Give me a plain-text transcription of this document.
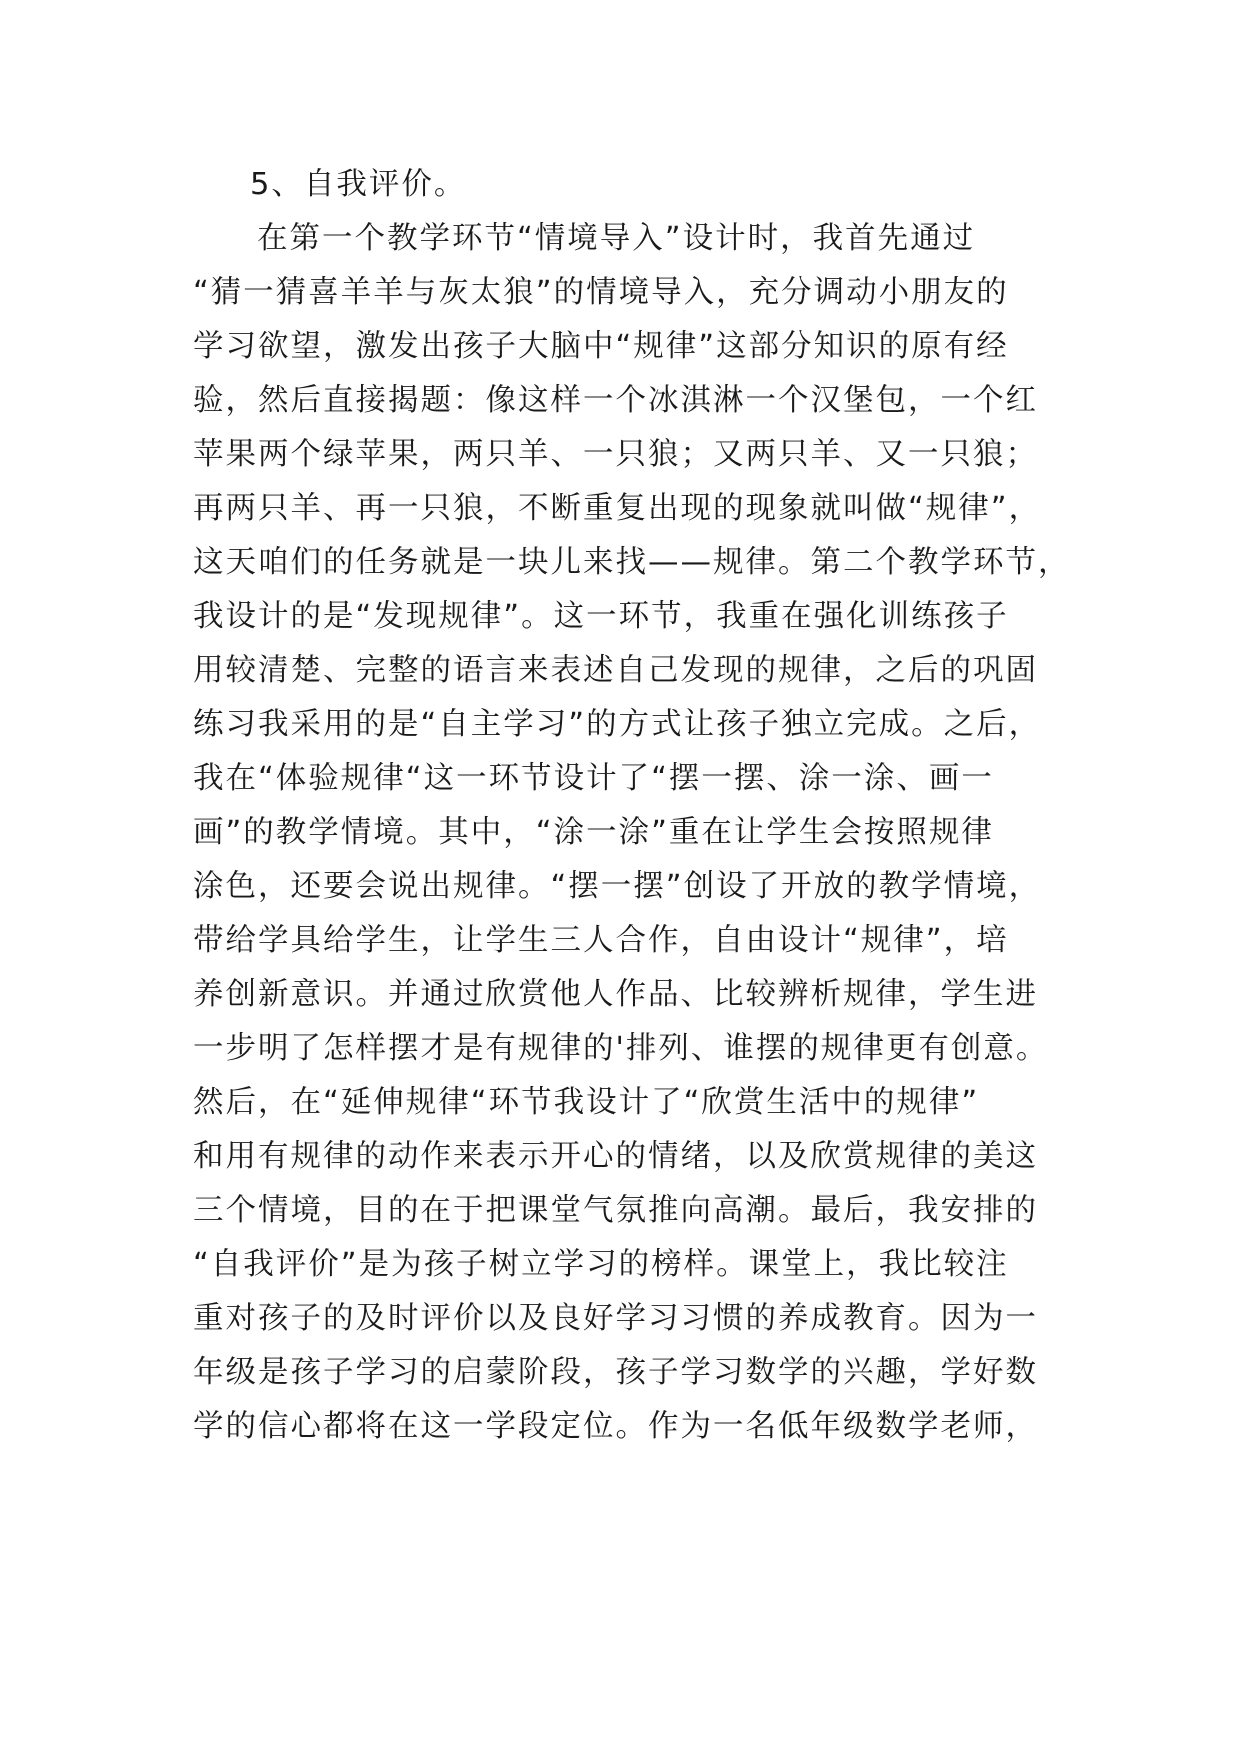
5、自我评价。
在第一个教学环节“情境导入”设计时，我首先通过
“猜一猜喜羊羊与灰太狼”的情境导入，充分调动小朋友的
学习欲望，激发出孩子大脑中“规律”这部分知识的原有经
验，然后直接揭题：像这样一个冰淇淋一个汉堡包，一个红
苹果两个绿苹果，两只羊、一只狼；又两只羊、又一只狼；
再两只羊、再一只狼，不断重复出现的现象就叫做“规律”，
这天咱们的任务就是一块儿来找——规律。第二个教学环节，
我设计的是“发现规律”。这一环节，我重在强化训练孩子
用较清楚、完整的语言来表述自己发现的规律，之后的巩固
练习我采用的是“自主学习”的方式让孩子独立完成。之后，
我在“体验规律“这一环节设计了“摆一摆、涂一涂、画一
画”的教学情境。其中，“涂一涂”重在让学生会按照规律
涂色，还要会说出规律。“摆一摆”创设了开放的教学情境，
带给学具给学生，让学生三人合作，自由设计“规律”，培
养创新意识。并通过欣赏他人作品、比较辨析规律，学生进
一步明了怎样摆才是有规律的'排列、谁摆的规律更有创意。
然后，在“延伸规律“环节我设计了“欣赏生活中的规律”
和用有规律的动作来表示开心的情绪，以及欣赏规律的美这
三个情境，目的在于把课堂气氛推向高潮。最后，我安排的
“自我评价”是为孩子树立学习的榜样。课堂上，我比较注
重对孩子的及时评价以及良好学习习惯的养成教育。因为一
年级是孩子学习的启蒙阶段，孩子学习数学的兴趣，学好数
学的信心都将在这一学段定位。作为一名低年级数学老师，
